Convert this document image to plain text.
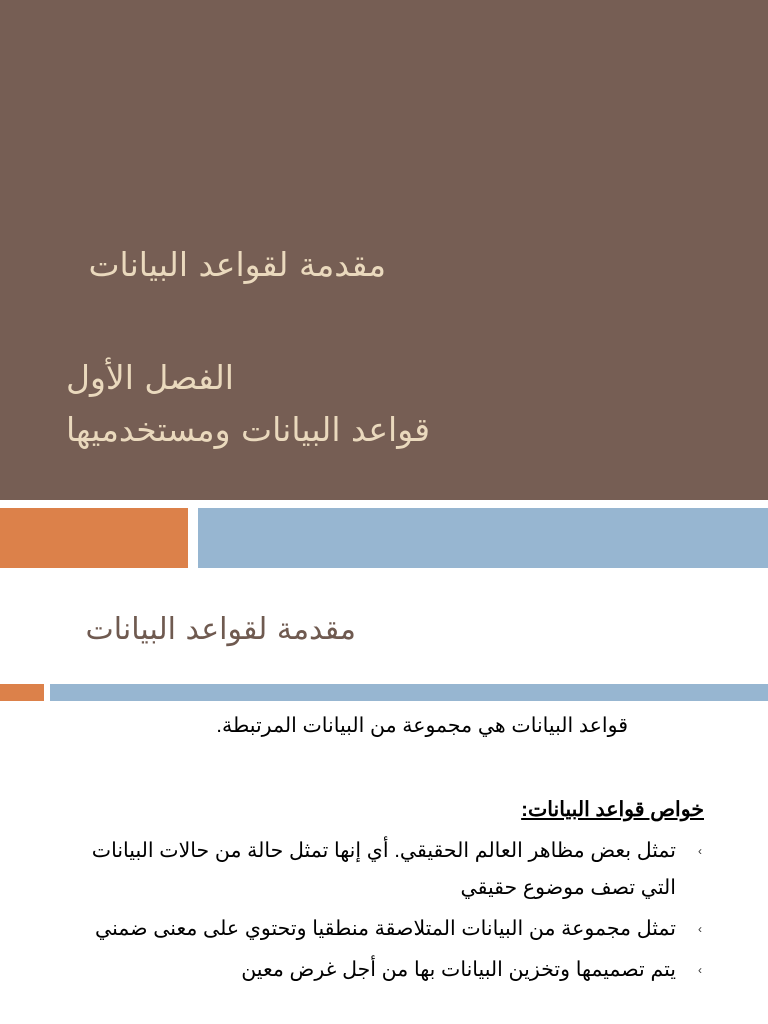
مقدمة لقواعد البيانات
الفصل الأول
قواعد البيانات ومستخدميها
مقدمة لقواعد البيانات

قواعد البيانات هي مجموعة من البيانات المرتبطة.

خواص قواعد البيانات:

›
تمثل بعض مظاهر العالم الحقيقي. أي إنها تمثل حالة من حالات البيانات التي تصف موضوع حقيقي
›
تمثل مجموعة من البيانات المتلاصقة منطقيا وتحتوي على معنى ضمني
›
يتم تصميمها وتخزين البيانات بها من أجل غرض معين
